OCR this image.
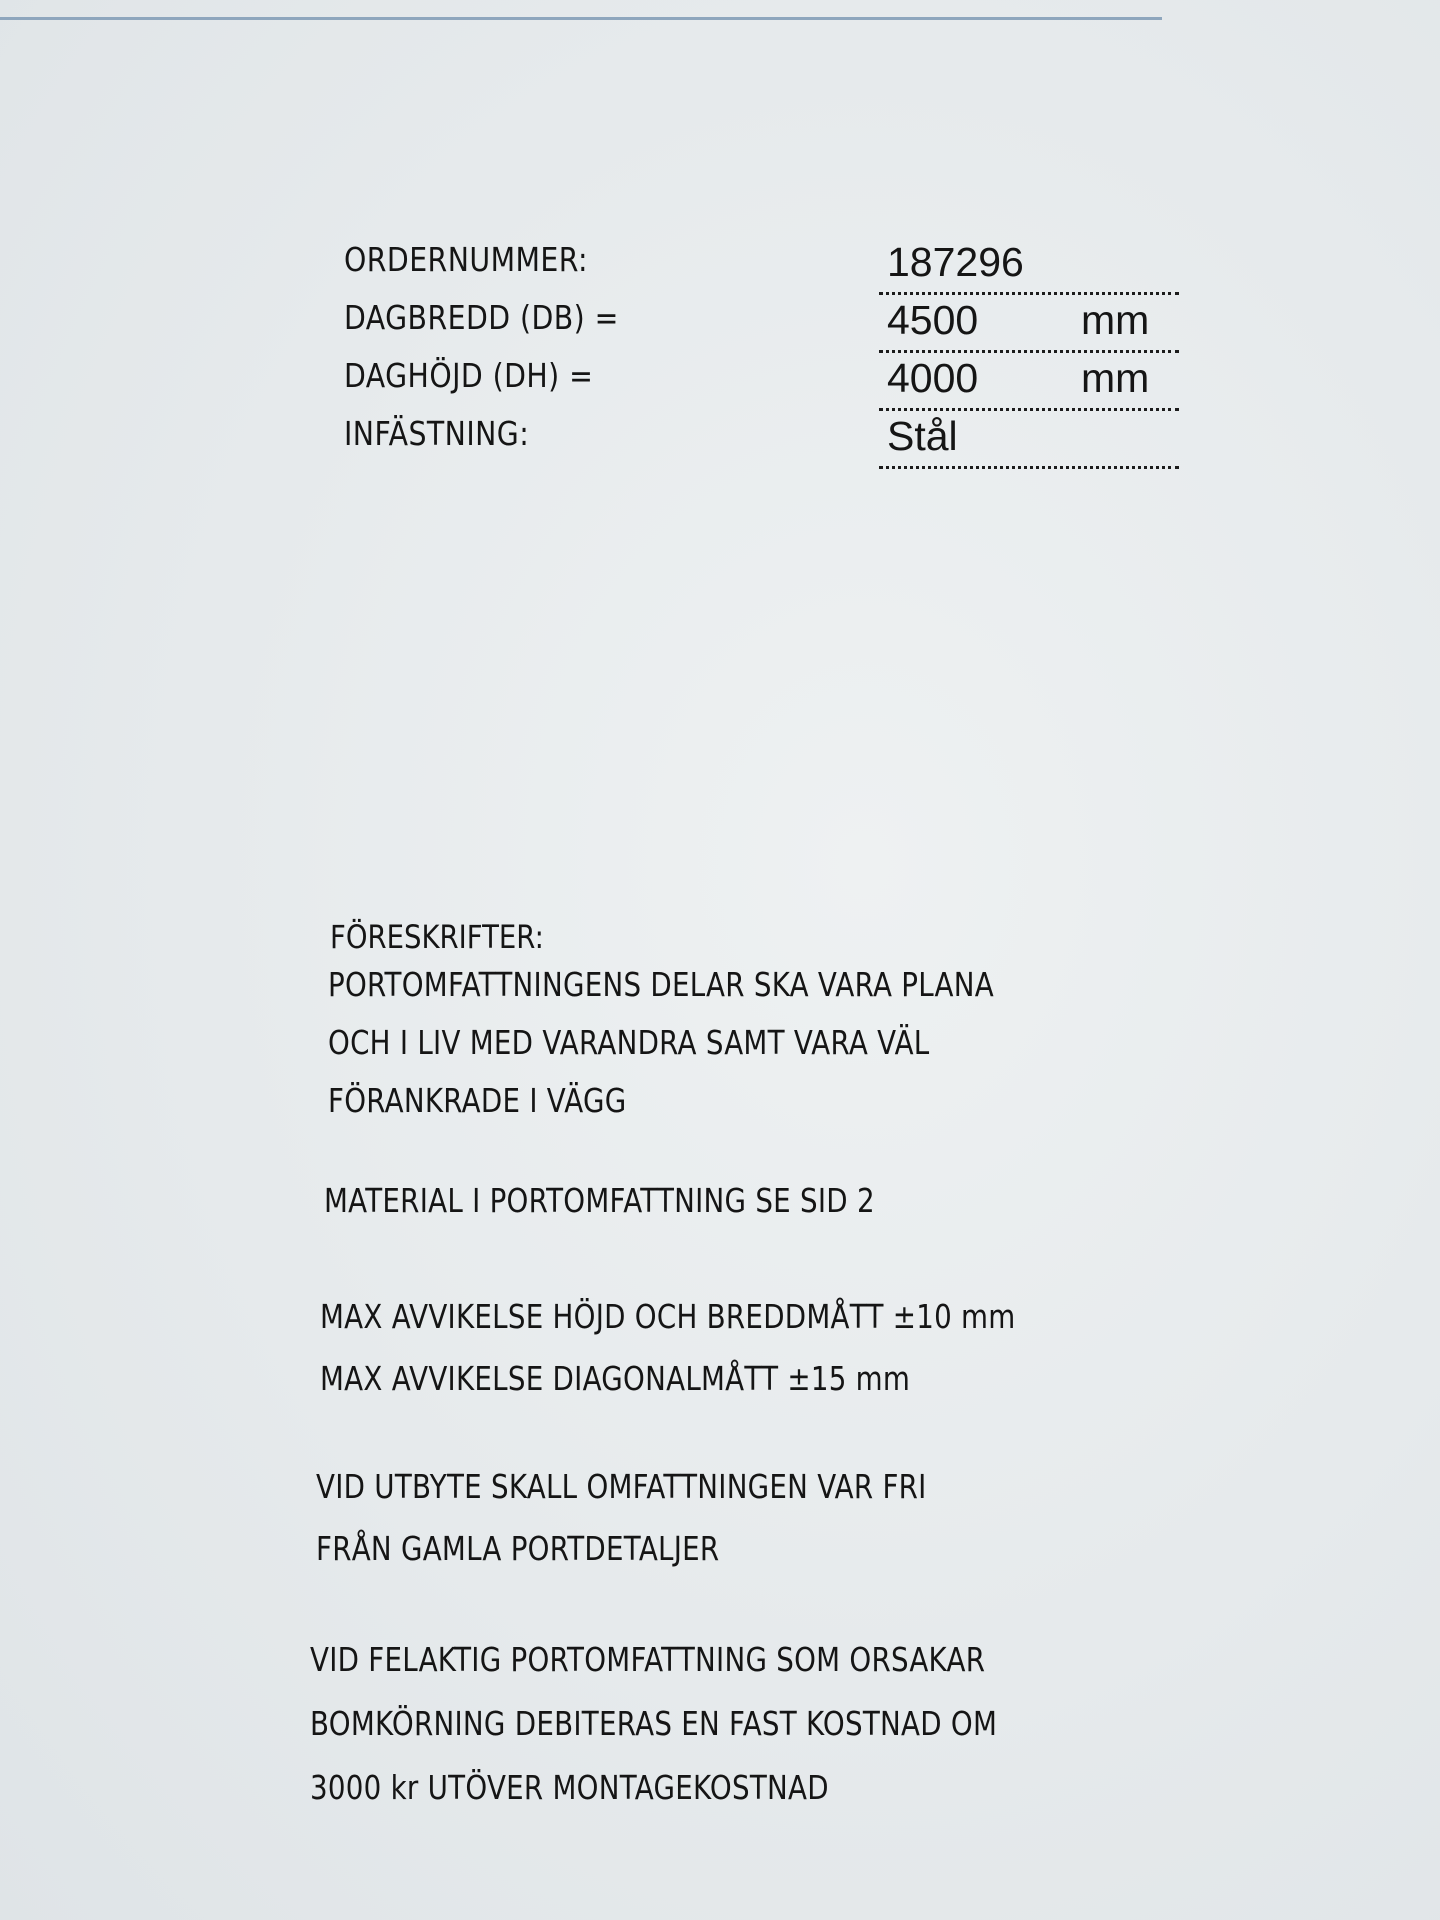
ORDERNUMMER:	187296
DAGBREDD (DB) =	4500	mm
DAGHÖJD (DH) =	4000	mm
INFÄSTNING:	Stål
FÖRESKRIFTER:
PORTOMFATTNINGENS DELAR SKA VARA PLANA
OCH I LIV MED VARANDRA SAMT VARA VÄL
FÖRANKRADE I VÄGG
MATERIAL I PORTOMFATTNING SE SID 2
MAX AVVIKELSE HÖJD OCH BREDDMÅTT ±10 mm
MAX AVVIKELSE DIAGONALMÅTT ±15 mm
VID UTBYTE SKALL OMFATTNINGEN VAR FRI
FRÅN GAMLA PORTDETALJER
VID FELAKTIG PORTOMFATTNING SOM ORSAKAR
BOMKÖRNING DEBITERAS EN FAST KOSTNAD OM
3000 kr UTÖVER MONTAGEKOSTNAD
